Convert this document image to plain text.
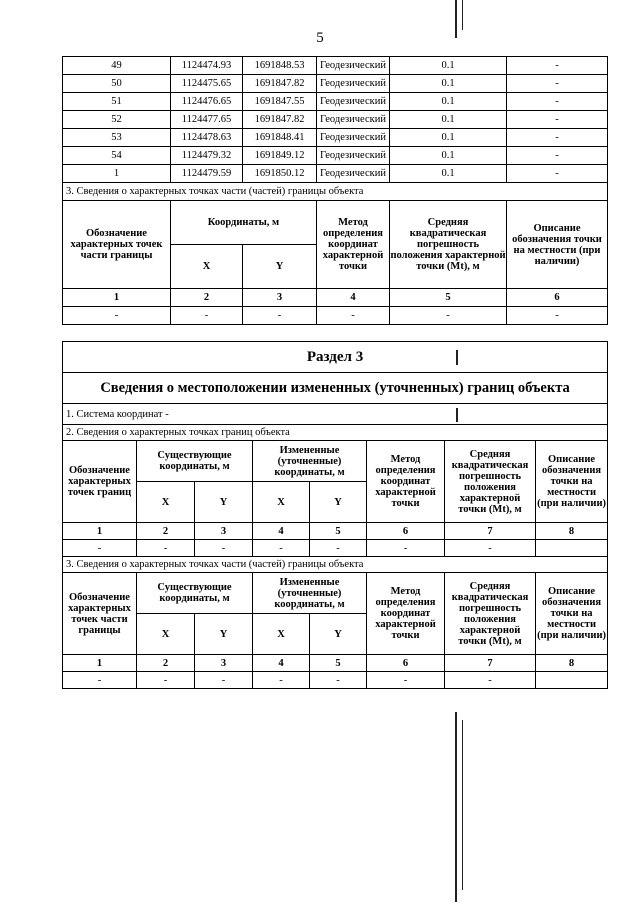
5
49	1124474.93	1691848.53	Геодезический	0.1	-
50	1124475.65	1691847.82	Геодезический	0.1	-
51	1124476.65	1691847.55	Геодезический	0.1	-
52	1124477.65	1691847.82	Геодезический	0.1	-
53	1124478.63	1691848.41	Геодезический	0.1	-
54	1124479.32	1691849.12	Геодезический	0.1	-
1	1124479.59	1691850.12	Геодезический	0.1	-
3. Сведения о характерных точках части (частей) границы объекта					
Обозначение характерных точек части границы	Координаты, м		Метод определения координат характерной точки	Средняя квадратическая погрешность положения характерной точки (Mt), м	Описание обозначения точки на местности (при наличии)
	X	Y			
1	2	3	4	5	6
-	-	-	-	-	-
Раздел 3							
Сведения о местоположении измененных (уточненных) границ объекта							
1. Система координат -							
2. Сведения о характерных точках границ объекта							
Обозначение характерных точек границ	Существующие координаты, м		Измененные (уточненные) координаты, м		Метод определения координат характерной точки	Средняя квадратическая погрешность положения характерной точки (Mt), м	Описание обозначения точки на местности (при наличии)
	X	Y	X	Y			
1	2	3	4	5	6	7	8
-	-	-	-	-	-	-	
3. Сведения о характерных точках части (частей) границы объекта							
Обозначение характерных точек части границы	Существующие координаты, м		Измененные (уточненные) координаты, м		Метод определения координат характерной точки	Средняя квадратическая погрешность положения характерной точки (Mt), м	Описание обозначения точки на местности (при наличии)
	X	Y	X	Y			
1	2	3	4	5	6	7	8
-	-	-	-	-	-	-	
